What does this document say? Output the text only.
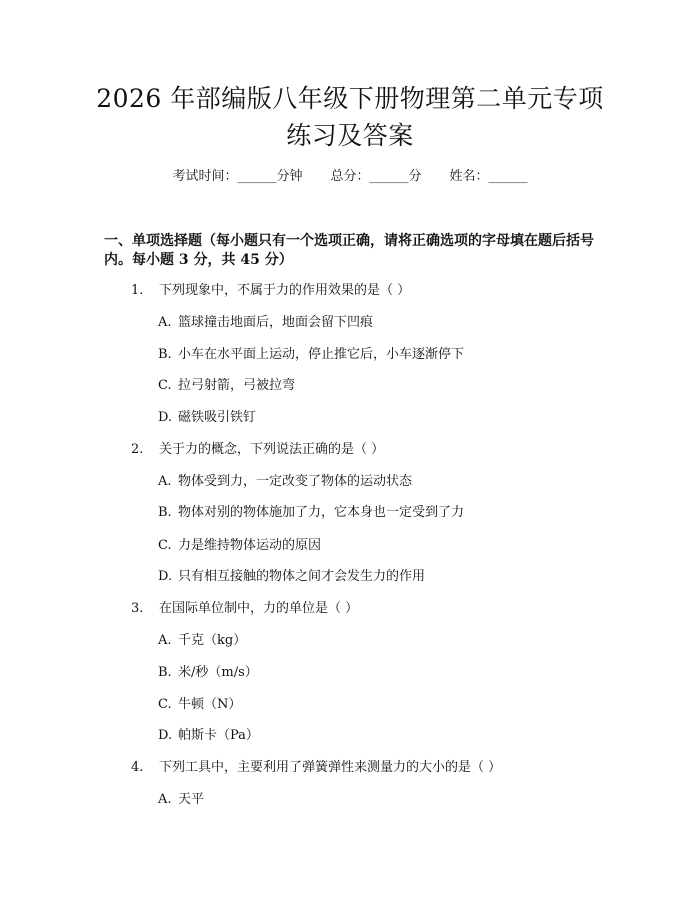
2026 年部编版八年级下册物理第二单元专项
练习及答案
考试时间：______分钟 总分：______分 姓名：______
一、单项选择题（每小题只有一个选项正确，请将正确选项的字母填在题后括号
内。每小题 3 分，共 45 分）
1. 下列现象中，不属于力的作用效果的是（ ）
A. 篮球撞击地面后，地面会留下凹痕
B. 小车在水平面上运动，停止推它后，小车逐渐停下
C. 拉弓射箭，弓被拉弯
D. 磁铁吸引铁钉
2. 关于力的概念，下列说法正确的是（ ）
A. 物体受到力，一定改变了物体的运动状态
B. 物体对别的物体施加了力，它本身也一定受到了力
C. 力是维持物体运动的原因
D. 只有相互接触的物体之间才会发生力的作用
3. 在国际单位制中，力的单位是（ ）
A. 千克（kg）
B. 米/秒（m/s）
C. 牛顿（N）
D. 帕斯卡（Pa）
4. 下列工具中，主要利用了弹簧弹性来测量力的大小的是（ ）
A. 天平
